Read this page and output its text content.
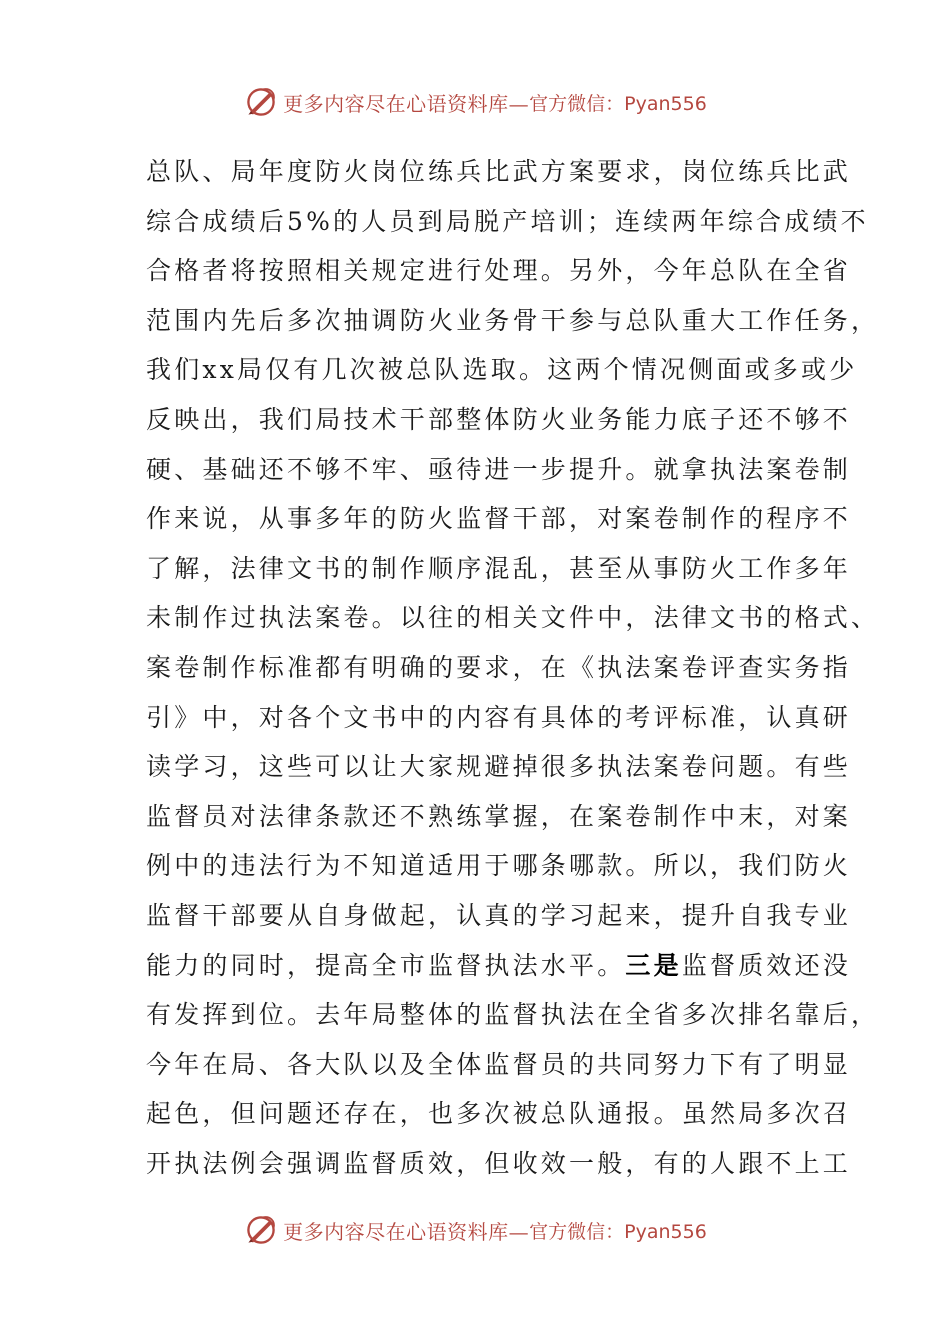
更多内容尽在心语资料库— 官方微信：Pyan556
总队、局年度防火岗位练兵比武方案要求，岗位练兵比武
综合成绩后5%的人员到局脱产培训；连续两年综合成绩不
合格者将按照相关规定进行处理。另外，今年总队在全省
范围内先后多次抽调防火业务骨干参与总队重大工作任务，
我们xx局仅有几次被总队选取。这两个情况侧面或多或少
反映出，我们局技术干部整体防火业务能力底子还不够不
硬、基础还不够不牢、亟待进一步提升。就拿执法案卷制
作来说，从事多年的防火监督干部，对案卷制作的程序不
了解，法律文书的制作顺序混乱，甚至从事防火工作多年
未制作过执法案卷。以往的相关文件中，法律文书的格式、
案卷制作标准都有明确的要求，在《执法案卷评查实务指
引》中，对各个文书中的内容有具体的考评标准，认真研
读学习，这些可以让大家规避掉很多执法案卷问题。有些
监督员对法律条款还不熟练掌握，在案卷制作中末，对案
例中的违法行为不知道适用于哪条哪款。所以，我们防火
监督干部要从自身做起，认真的学习起来，提升自我专业
能力的同时，提高全市监督执法水平。三是监督质效还没
有发挥到位。去年局整体的监督执法在全省多次排名靠后，
今年在局、各大队以及全体监督员的共同努力下有了明显
起色，但问题还存在，也多次被总队通报。虽然局多次召
开执法例会强调监督质效，但收效一般，有的人跟不上工
更多内容尽在心语资料库— 官方微信：Pyan556
